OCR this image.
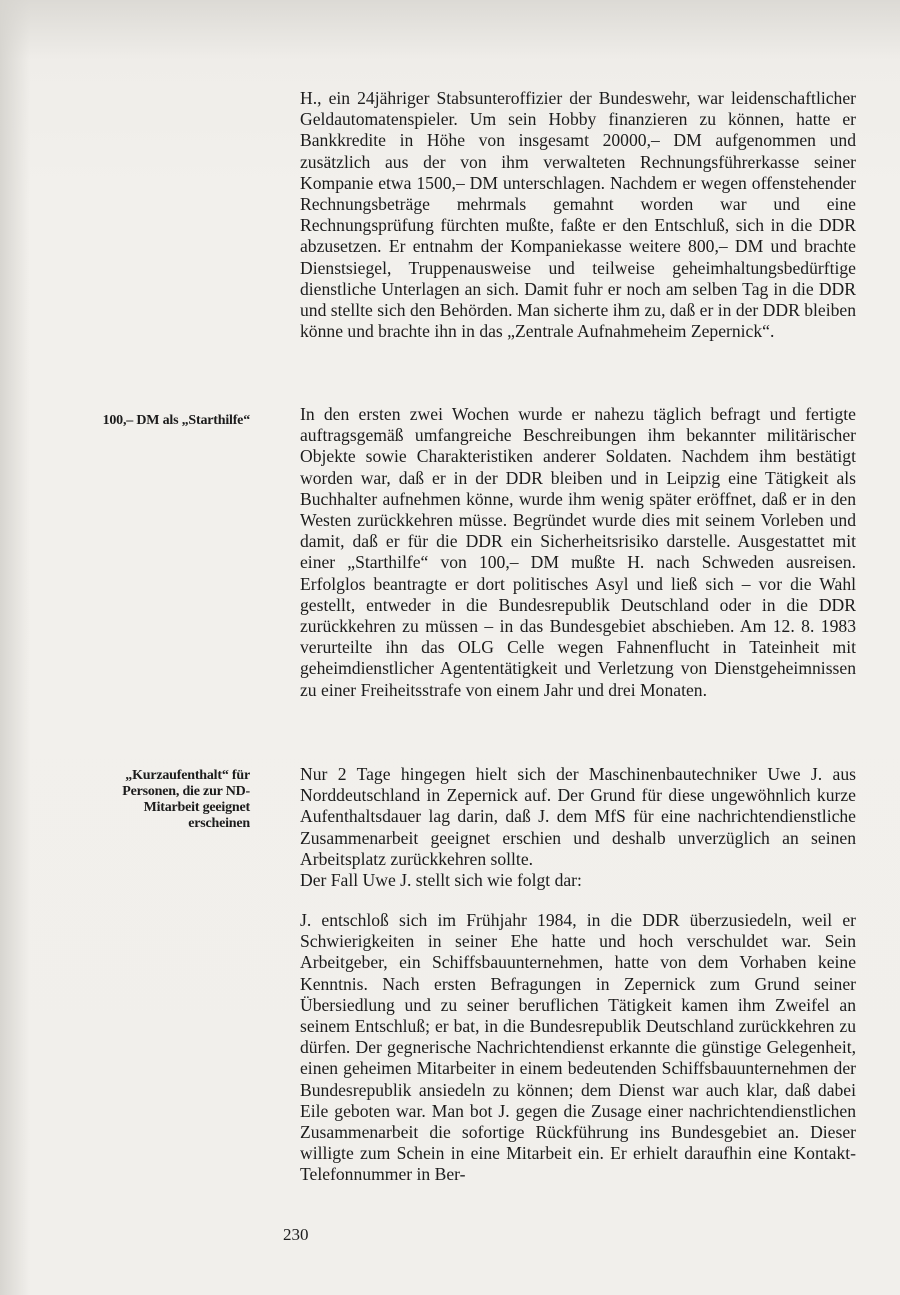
H., ein 24jähriger Stabsunteroffizier der Bundeswehr, war leidenschaftlicher Geldautomatenspieler. Um sein Hobby finanzieren zu können, hatte er Bankkredite in Höhe von insgesamt 20000,– DM aufgenommen und zusätzlich aus der von ihm verwalteten Rechnungsführerkasse seiner Kompanie etwa 1500,– DM unterschlagen. Nachdem er wegen offenstehender Rechnungsbeträge mehrmals gemahnt worden war und eine Rechnungsprüfung fürchten mußte, faßte er den Entschluß, sich in die DDR abzusetzen. Er entnahm der Kompaniekasse weitere 800,– DM und brachte Dienstsiegel, Truppenausweise und teilweise geheimhaltungsbedürftige dienstliche Unterlagen an sich. Damit fuhr er noch am selben Tag in die DDR und stellte sich den Behörden. Man sicherte ihm zu, daß er in der DDR bleiben könne und brachte ihn in das „Zentrale Aufnahmeheim Zepernick“.

100,– DM als „Starthilfe“	In den ersten zwei Wochen wurde er nahezu täglich befragt und fertigte auftragsgemäß umfangreiche Beschreibungen ihm bekannter militärischer Objekte sowie Charakteristiken anderer Soldaten. Nachdem ihm bestätigt worden war, daß er in der DDR bleiben und in Leipzig eine Tätigkeit als Buchhalter aufnehmen könne, wurde ihm wenig später eröffnet, daß er in den Westen zurückkehren müsse. Begründet wurde dies mit seinem Vorleben und damit, daß er für die DDR ein Sicherheitsrisiko darstelle. Ausgestattet mit einer „Starthilfe“ von 100,– DM mußte H. nach Schweden ausreisen. Erfolglos beantragte er dort politisches Asyl und ließ sich – vor die Wahl gestellt, entweder in die Bundesrepublik Deutschland oder in die DDR zurückkehren zu müssen – in das Bundesgebiet abschieben. Am 12. 8. 1983 verurteilte ihn das OLG Celle wegen Fahnenflucht in Tateinheit mit geheimdienstlicher Agententätigkeit und Verletzung von Dienstgeheimnissen zu einer Freiheitsstrafe von einem Jahr und drei Monaten.

„Kurzaufenthalt“ für Personen, die zur ND-Mitarbeit geeignet erscheinen

Nur 2 Tage hingegen hielt sich der Maschinenbautechniker Uwe J. aus Norddeutschland in Zepernick auf. Der Grund für diese ungewöhnlich kurze Aufenthaltsdauer lag darin, daß J. dem MfS für eine nachrichtendienstliche Zusammenarbeit geeignet erschien und deshalb unverzüglich an seinen Arbeitsplatz zurückkehren sollte.

Der Fall Uwe J. stellt sich wie folgt dar:

J. entschloß sich im Frühjahr 1984, in die DDR überzusiedeln, weil er Schwierigkeiten in seiner Ehe hatte und hoch verschuldet war. Sein Arbeitgeber, ein Schiffsbauunternehmen, hatte von dem Vorhaben keine Kenntnis. Nach ersten Befragungen in Zepernick zum Grund seiner Übersiedlung und zu seiner beruflichen Tätigkeit kamen ihm Zweifel an seinem Entschluß; er bat, in die Bundesrepublik Deutschland zurückkehren zu dürfen. Der gegnerische Nachrichtendienst erkannte die günstige Gelegenheit, einen geheimen Mitarbeiter in einem bedeutenden Schiffsbauunternehmen der Bundesrepublik ansiedeln zu können; dem Dienst war auch klar, daß dabei Eile geboten war. Man bot J. gegen die Zusage einer nachrichtendienstlichen Zusammenarbeit die sofortige Rückführung ins Bundesgebiet an. Dieser willigte zum Schein in eine Mitarbeit ein. Er erhielt daraufhin eine Kontakt-Telefonnummer in Ber-

230
